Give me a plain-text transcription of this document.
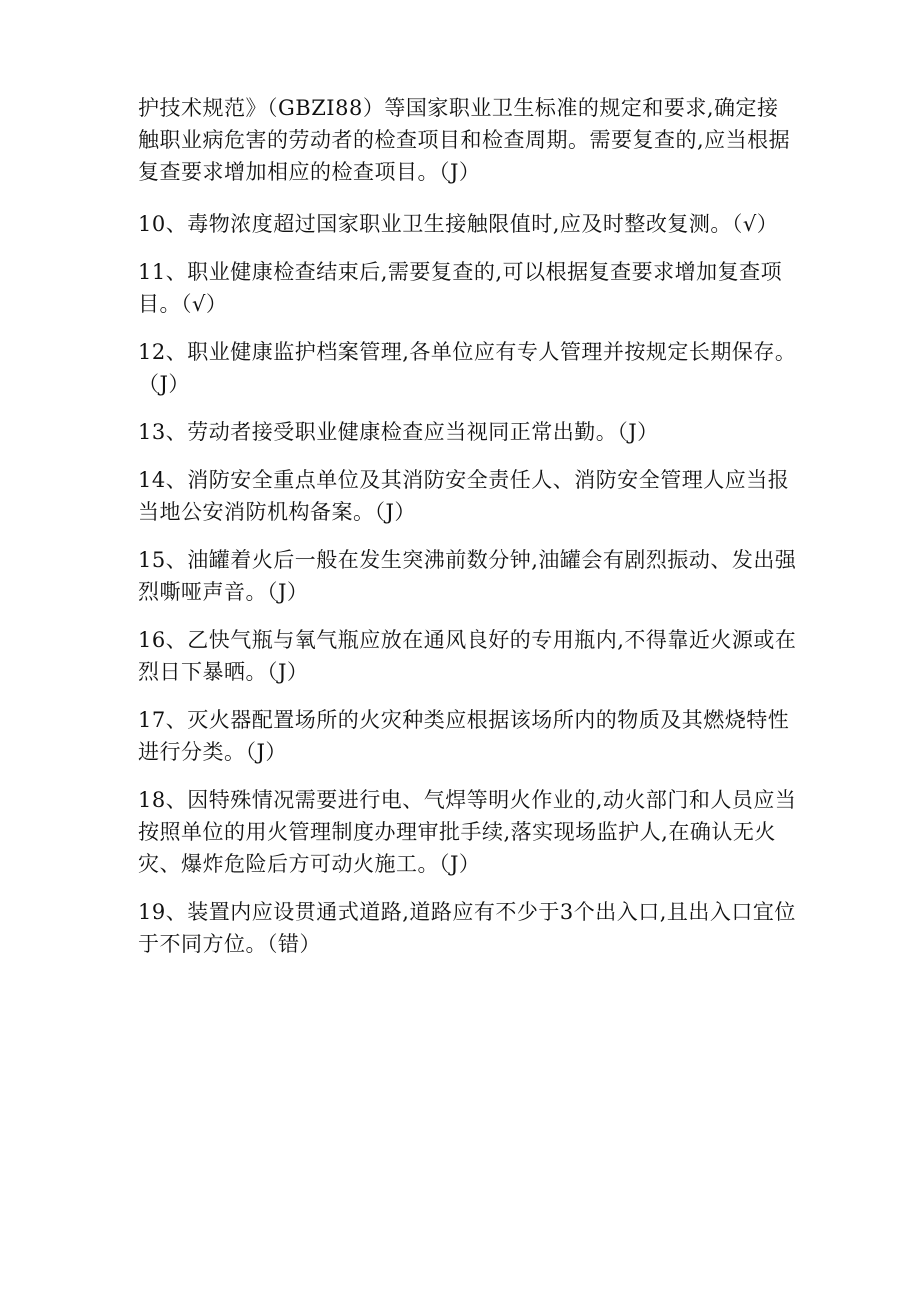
护技术规范》（GBZI88）等国家职业卫生标准的规定和要求,确定接触职业病危害的劳动者的检查项目和检查周期。需要复查的,应当根据复查要求增加相应的检查项目。（J）

10、毒物浓度超过国家职业卫生接触限值时,应及时整改复测。（√）

11、职业健康检查结束后,需要复查的,可以根据复查要求增加复查项目。（√）

12、职业健康监护档案管理,各单位应有专人管理并按规定长期保存。（J）

13、劳动者接受职业健康检查应当视同正常出勤。（J）

14、消防安全重点单位及其消防安全责任人、消防安全管理人应当报当地公安消防机构备案。（J）

15、油罐着火后一般在发生突沸前数分钟,油罐会有剧烈振动、发出强烈嘶哑声音。（J）

16、乙快气瓶与氧气瓶应放在通风良好的专用瓶内,不得靠近火源或在烈日下暴晒。（J）

17、灭火器配置场所的火灾种类应根据该场所内的物质及其燃烧特性进行分类。（J）

18、因特殊情况需要进行电、气焊等明火作业的,动火部门和人员应当按照单位的用火管理制度办理审批手续,落实现场监护人,在确认无火灾、爆炸危险后方可动火施工。（J）

19、装置内应设贯通式道路,道路应有不少于3个出入口,且出入口宜位于不同方位。（错）
